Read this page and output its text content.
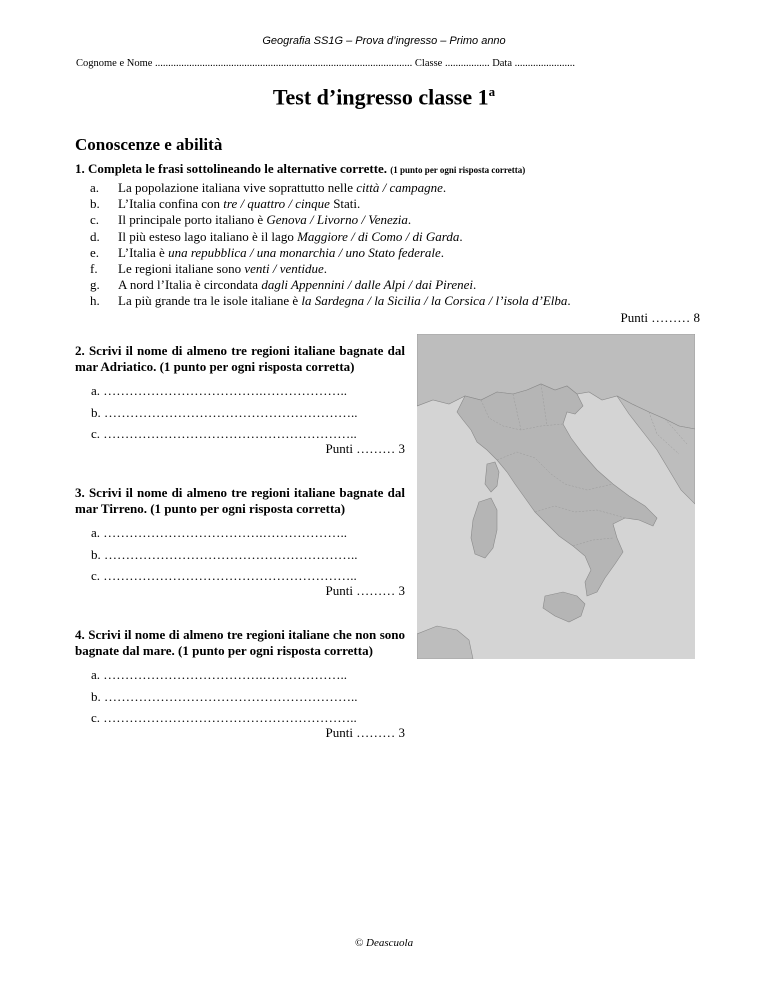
Geografia SS1G – Prova d’ingresso – Primo anno
Cognome e Nome .................................................................................................. Classe ................. Data .......................
Test d’ingresso classe 1$^a$
Conoscenze e abilità
1. Completa le frasi sottolineando le alternative corrette. (1 punto per ogni risposta corretta)
a.	La popolazione italiana vive soprattutto nelle città / campagne.
b.	L’Italia confina con tre / quattro / cinque Stati.
c.	Il principale porto italiano è Genova / Livorno / Venezia.
d.	Il più esteso lago italiano è il lago Maggiore / di Como / di Garda.
e.	L’Italia è una repubblica / una monarchia / uno Stato federale.
f.	Le regioni italiane sono venti / ventidue.
g.	A nord l’Italia è circondata dagli Appennini / dalle Alpi / dai Pirenei.
h.	La più grande tra le isole italiane è la Sardegna / la Sicilia / la Corsica / l’isola d’Elba.
Punti ……… 8
2. Scrivi il nome di almeno tre regioni italiane bagnate dal mar Adriatico. (1 punto per ogni risposta corretta)
a. ……………………………….………………..
b. …………………………………………………..
c. …………………………………………………..
Punti ……… 3
3. Scrivi il nome di almeno tre regioni italiane bagnate dal mar Tirreno. (1 punto per ogni risposta corretta)
a. ……………………………….………………..
b. …………………………………………………..
c. …………………………………………………..
Punti ……… 3
4. Scrivi il nome di almeno tre regioni italiane che non sono bagnate dal mare. (1 punto per ogni risposta corretta)
a. ……………………………….………………..
b. …………………………………………………..
c. …………………………………………………..
Punti ……… 3
© Deascuola
